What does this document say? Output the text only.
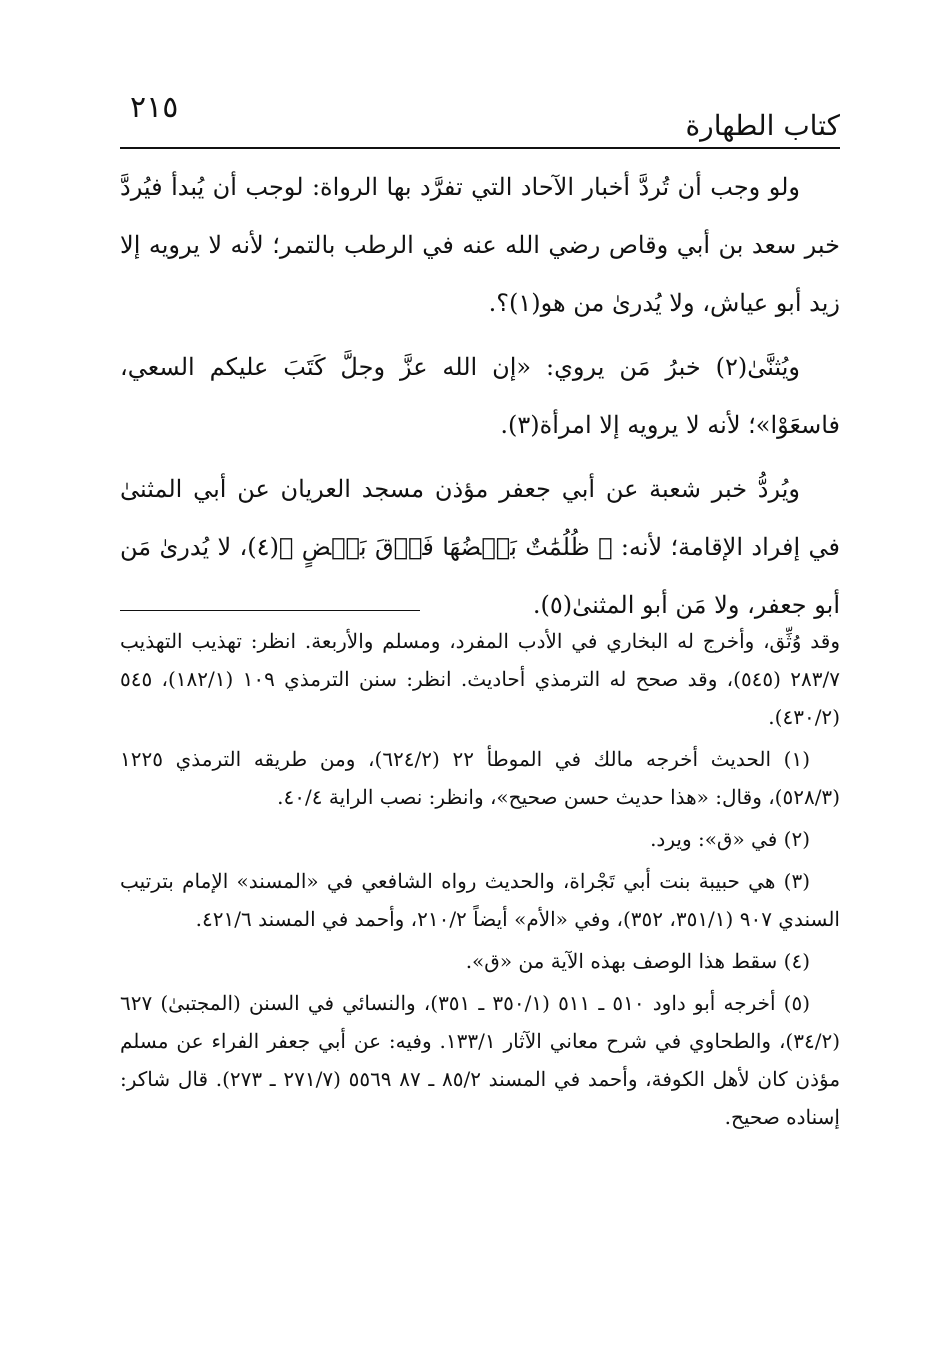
كتاب الطهارة
٢١٥

ولو وجب أن تُردَّ أخبار الآحاد التي تفرَّد بها الرواة: لوجب أن يُبدأ فيُردَّ خبر سعد بن أبي وقاص رضي الله عنه في الرطب بالتمر؛ لأنه لا يرويه إلا زيد أبو عياش، ولا يُدرىٰ من هو(١)؟.

ويُثنَّىٰ(٢) خبرُ مَن يروي: «إن الله عزَّ وجلَّ كَتَبَ عليكم السعي، فاسعَوْا»؛ لأنه لا يرويه إلا امرأة(٣).

ويُردُّ خبر شعبة عن أبي جعفر مؤذن مسجد العريان عن أبي المثنىٰ في إفراد الإقامة؛ لأنه: ﴿ ظُلُمَٰتٌ بَعۡضُهَا فَوۡقَ بَعۡضٍ ﴾(٤)، لا يُدرىٰ مَن أبو جعفر، ولا مَن أبو المثنىٰ(٥).

وقد وُثِّق، وأخرج له البخاري في الأدب المفرد، ومسلم والأربعة. انظر: تهذيب التهذيب ٢٨٣/٧ (٥٤٥)، وقد صحح له الترمذي أحاديث. انظر: سنن الترمذي ١٠٩ (١٨٢/١)، ٥٤٥ (٤٣٠/٢).

(١) الحديث أخرجه مالك في الموطأ ٢٢ (٦٢٤/٢)، ومن طريقه الترمذي ١٢٢٥ (٥٢٨/٣)، وقال: «هذا حديث حسن صحيح»، وانظر: نصب الراية ٤٠/٤.

(٢) في «ق»: ويرد.

(٣) هي حبيبة بنت أبي تَجْراة، والحديث رواه الشافعي في «المسند» الإمام بترتيب السندي ٩٠٧ (٣٥١/١، ٣٥٢)، وفي «الأم» أيضاً ٢١٠/٢، وأحمد في المسند ٤٢١/٦.

(٤) سقط هذا الوصف بهذه الآية من «ق».

(٥) أخرجه أبو داود ٥١٠ ـ ٥١١ (٣٥٠/١ ـ ٣٥١)، والنسائي في السنن (المجتبىٰ) ٦٢٧ (٣٤/٢)، والطحاوي في شرح معاني الآثار ١٣٣/١. وفيه: عن أبي جعفر الفراء عن مسلم مؤذن كان لأهل الكوفة، وأحمد في المسند ٨٥/٢ ـ ٨٧ ٥٥٦٩ (٢٧١/٧ ـ ٢٧٣). قال شاكر: إسناده صحيح.
